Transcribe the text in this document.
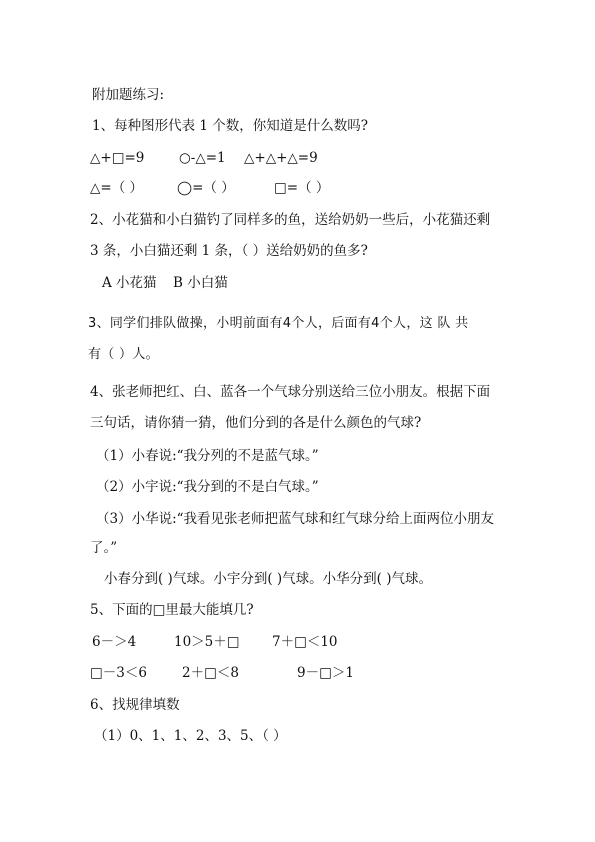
附加题练习:
1、每种图形代表 1 个数，你知道是什么数吗?
△+□=9	○-△=1 △+△+△=9
△=（ ）	◯=（ ）	□=（ ）
2、小花猫和小白猫钓了同样多的鱼，送给奶奶一些后，小花猫还剩
3 条，小白猫还剩 1 条，（ ）送给奶奶的鱼多?
A 小花猫 B 小白猫
3、同学们排队做操，小明前面有4个人，后面有4个人，这 队 共
有（ ）人。
4、张老师把红、白、蓝各一个气球分别送给三位小朋友。根据下面
三句话，请你猜一猜，他们分到的各是什么颜色的气球?
（1）小春说:“我分列的不是蓝气球。”
（2）小宇说:“我分到的不是白气球。”
（3）小华说:“我看见张老师把蓝气球和红气球分给上面两位小朋友
了。”
小春分到( )气球。小宇分到( )气球。小华分到( )气球。
5、下面的□里最大能填几?
6－＞4	10＞5＋□ 7＋□＜10
□－3＜6	2＋□＜8	9－□＞1
6、找规律填数
（1）0、1、1、2、3、5、（ ）
